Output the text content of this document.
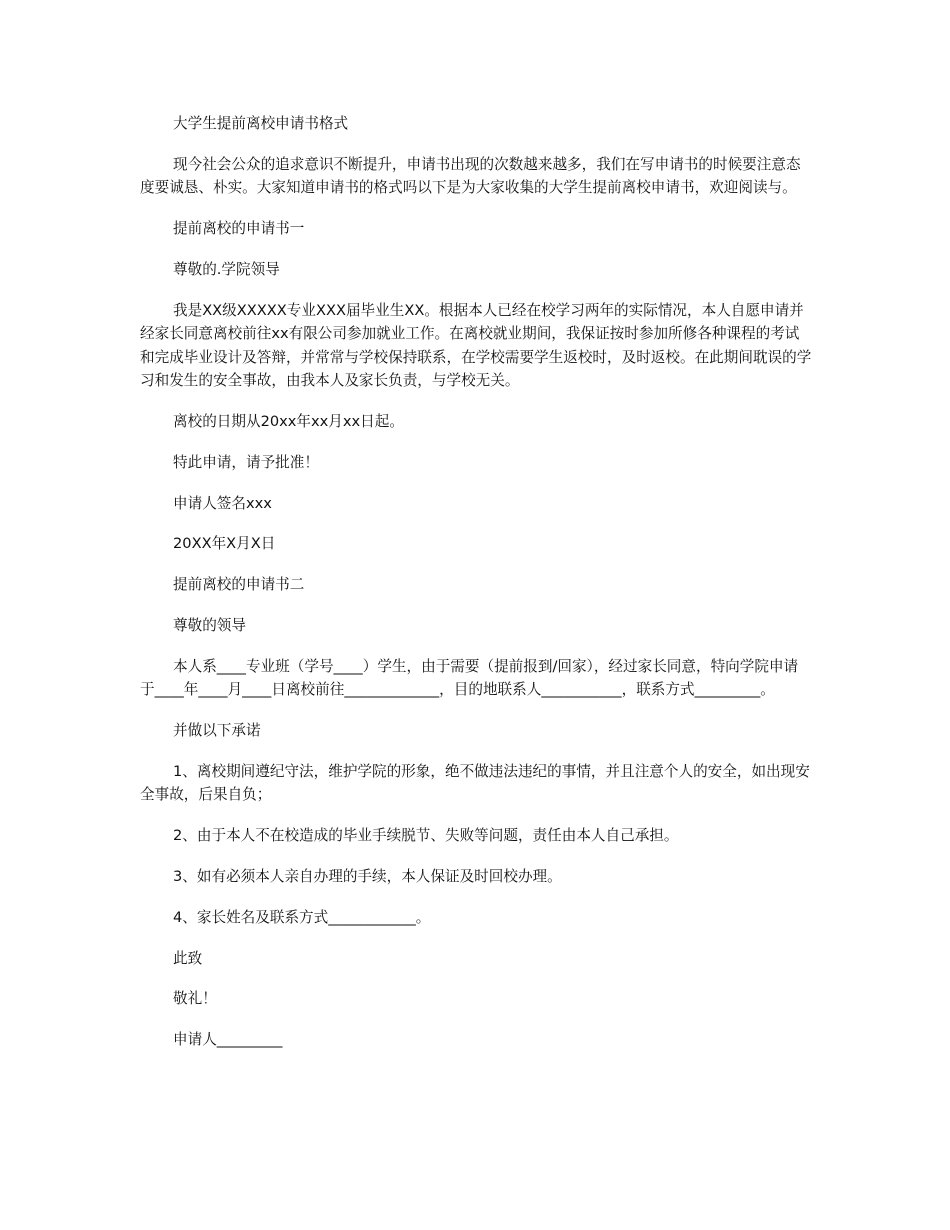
大学生提前离校申请书格式

现今社会公众的追求意识不断提升，申请书出现的次数越来越多，我们在写申请书的时候要注意态度要诚恳、朴实。大家知道申请书的格式吗以下是为大家收集的大学生提前离校申请书，欢迎阅读与。

提前离校的申请书一

尊敬的.学院领导

我是XX级XXXXX专业XXX届毕业生XX。根据本人已经在校学习两年的实际情况，本人自愿申请并经家长同意离校前往xx有限公司参加就业工作。在离校就业期间，我保证按时参加所修各种课程的考试和完成毕业设计及答辩，并常常与学校保持联系，在学校需要学生返校时，及时返校。在此期间耽误的学习和发生的安全事故，由我本人及家长负责，与学校无关。

离校的日期从20xx年xx月xx日起。

特此申请，请予批准！

申请人签名xxx

20XX年X月X日

提前离校的申请书二

尊敬的领导

本人系____专业班（学号____）学生，由于需要（提前报到/回家），经过家长同意，特向学院申请于____年____月____日离校前往_____________，目的地联系人___________，联系方式_________。

并做以下承诺

1、离校期间遵纪守法，维护学院的形象，绝不做违法违纪的事情，并且注意个人的安全，如出现安全事故，后果自负；

2、由于本人不在校造成的毕业手续脱节、失败等问题，责任由本人自己承担。

3、如有必须本人亲自办理的手续，本人保证及时回校办理。

4、家长姓名及联系方式____________。

此致

敬礼！

申请人_________
